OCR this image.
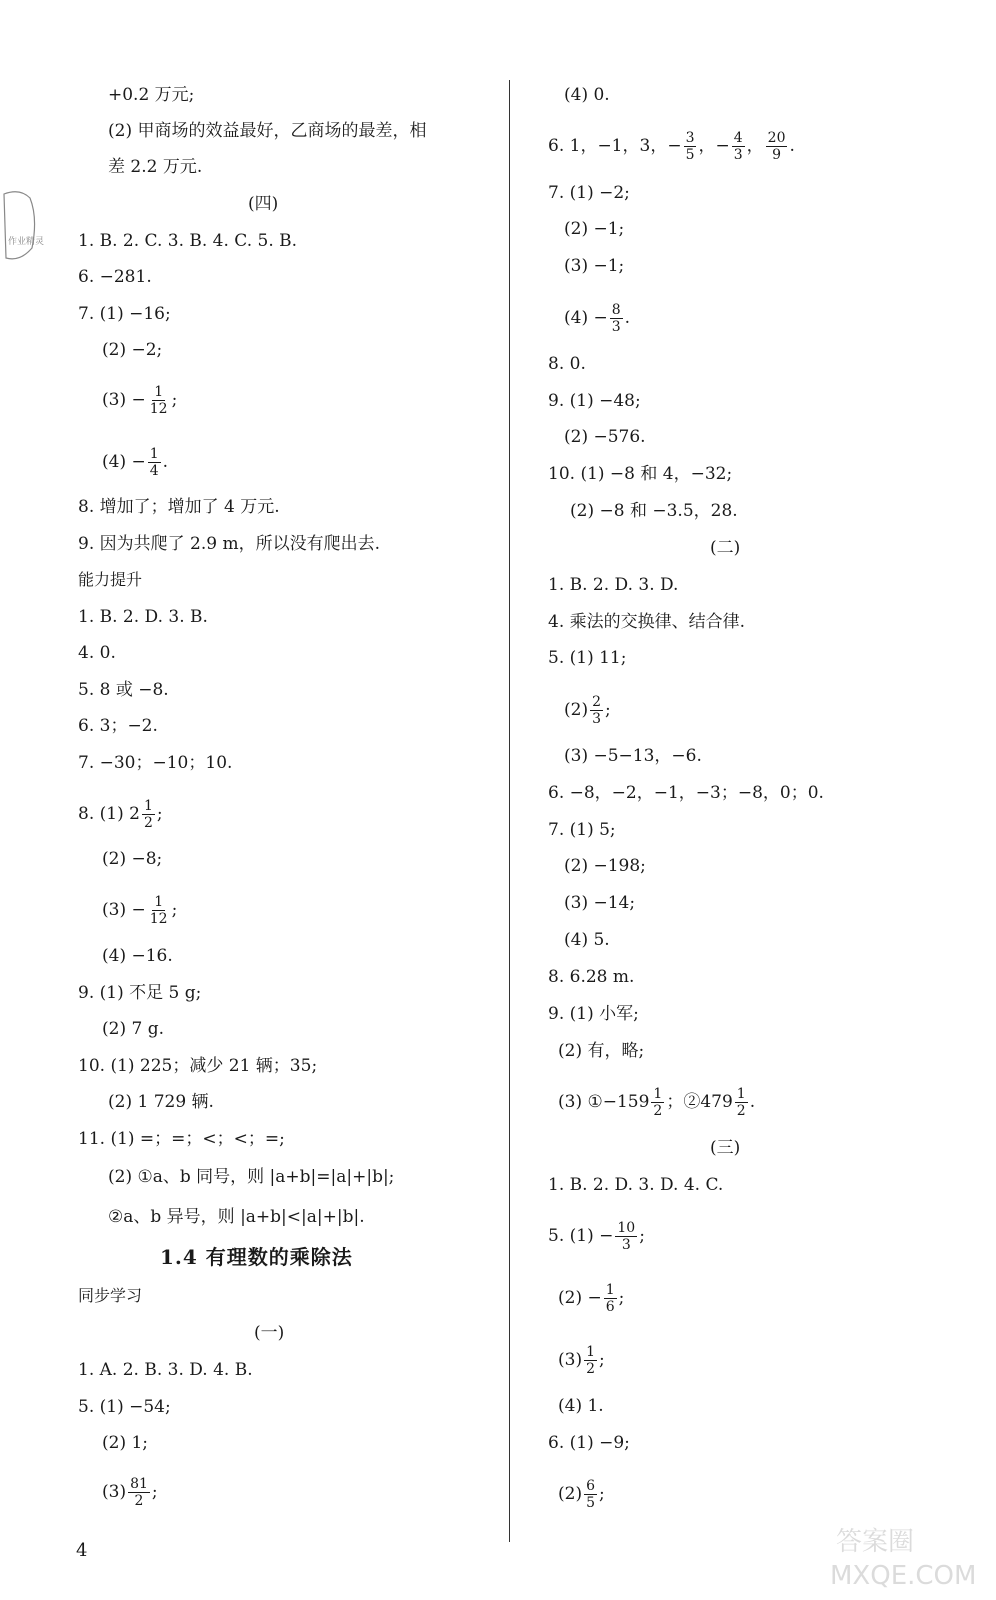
作业精灵
+0.2 万元;
(2) 甲商场的效益最好，乙商场的最差，相
差 2.2 万元.
(四)
1. B. 2. C. 3. B. 4. C. 5. B.
6. −281.
7. (1) −16;
(2) −2;
$(3) - \frac{1}{12}$ ;
$(4) - \frac{1}{4}$ .
8. 增加了；增加了 4 万元.
9. 因为共爬了 2.9 m，所以没有爬出去.
能力提升
1. B. 2. D. 3. B.
4. 0.
5. 8 或 −8.
6. 3；−2.
7. −30；−10；10.
8. (1) $2 \frac{1}{2}$ ;
(2) −8;
$(3) - \frac{1}{12}$ ;
(4) −16.
9. (1) 不足 5 g;
(2) 7 g.
10. (1) 225；减少 21 辆；35;
(2) 1 729 辆.
11. (1) =；=；<；<；=;
(2) ①a、b 同号，则 |a+b|=|a|+|b|;
②a、b 异号，则 |a+b|<|a|+|b|.
1.4 有理数的乘除法
同步学习
(一)
1. A. 2. B. 3. D. 4. B.
5. (1) −54;
(2) 1;
$(3) \frac{81}{2}$ ;
(4) 0.
6. 1，−1，3，− $\frac{3}{5}$ ，− $\frac{4}{3}$ ， $\frac{20}{9}$ .
7. (1) −2;
(2) −1;
(3) −1;
$(4) - \frac{8}{3}$ .
8. 0.
9. (1) −48;
(2) −576.
10. (1) −8 和 4，−32;
(2) −8 和 −3.5，28.
(二)
1. B. 2. D. 3. D.
4. 乘法的交换律、结合律.
5. (1) 11;
$(2) \frac{2}{3}$ ;
(3) −5−13，−6.
6. −8，−2，−1，−3；−8，0；0.
7. (1) 5;
(2) −198;
(3) −14;
(4) 5.
8. 6.28 m.
9. (1) 小军;
(2) 有，略;
(3) ①−159 $\frac{1}{2}$ ；②479 $\frac{1}{2}$ .
(三)
1. B. 2. D. 3. D. 4. C.
5. $(1) - \frac{10}{3}$ ;
$(2) - \frac{1}{6}$ ;
$(3) \frac{1}{2}$ ;
(4) 1.
6. (1) −9;
$(2) \frac{6}{5}$ ;
4	答案圈
MXQE.COM
